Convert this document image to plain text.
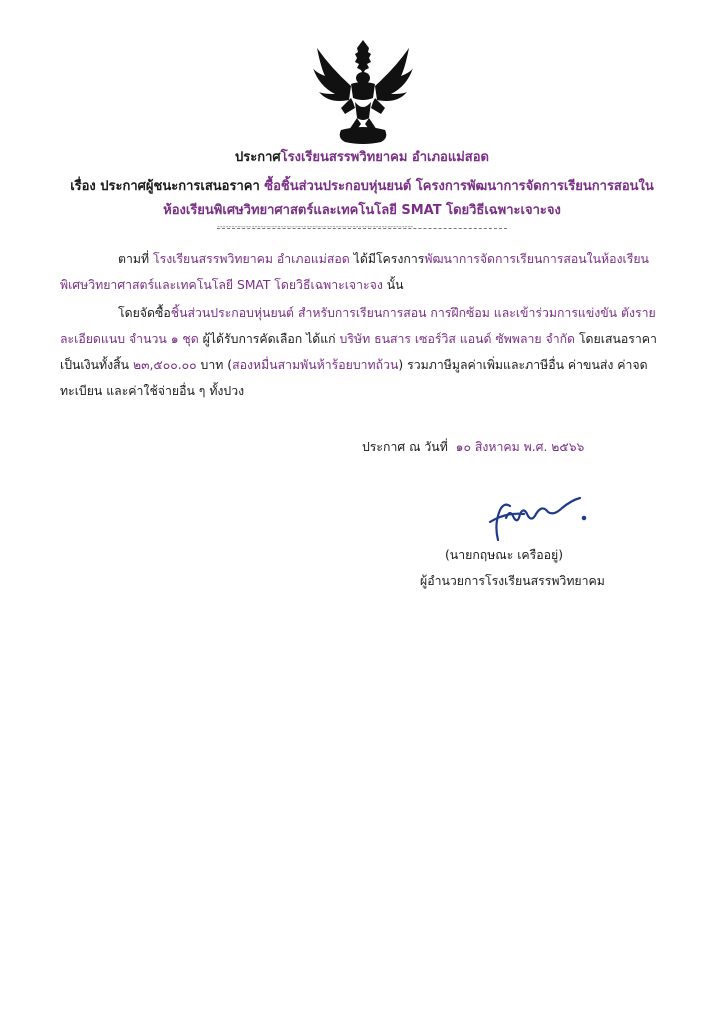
ประกาศโรงเรียนสรรพวิทยาคม อำเภอแม่สอด
เรื่อง ประกาศผู้ชนะการเสนอราคา ซื้อชิ้นส่วนประกอบหุ่นยนต์ โครงการพัฒนาการจัดการเรียนการสอนใน
ห้องเรียนพิเศษวิทยาศาสตร์และเทคโนโลยี SMAT โดยวิธีเฉพาะเจาะจง
--------------------------------------------------------------------
ตามที่ โรงเรียนสรรพวิทยาคม อำเภอแม่สอด ได้มีโครงการพัฒนาการจัดการเรียนการสอนในห้องเรียน
พิเศษวิทยาศาสตร์และเทคโนโลยี SMAT โดยวิธีเฉพาะเจาะจง นั้น
โดยจัดซื้อชิ้นส่วนประกอบหุ่นยนต์ สำหรับการเรียนการสอน การฝึกซ้อม และเข้าร่วมการแข่งขัน ตังราย
ละเอียดแนบ จำนวน ๑ ชุด ผู้ได้รับการคัดเลือก ได้แก่ บริษัท ธนสาร เซอร์วิส แอนด์ ซัพพลาย จำกัด โดยเสนอราคา
เป็นเงินทั้งสิ้น ๒๓,๕๐๐.๐๐ บาท (สองหมื่นสามพันห้าร้อยบาทถ้วน) รวมภาษีมูลค่าเพิ่มและภาษีอื่น ค่าขนส่ง ค่าจด
ทะเบียน และค่าใช้จ่ายอื่น ๆ ทั้งปวง
ประกาศ ณ วันที่ ๑๐ สิงหาคม พ.ศ. ๒๕๖๖
(นายกฤษณะ เครืออยู่)
ผู้อำนวยการโรงเรียนสรรพวิทยาคม
